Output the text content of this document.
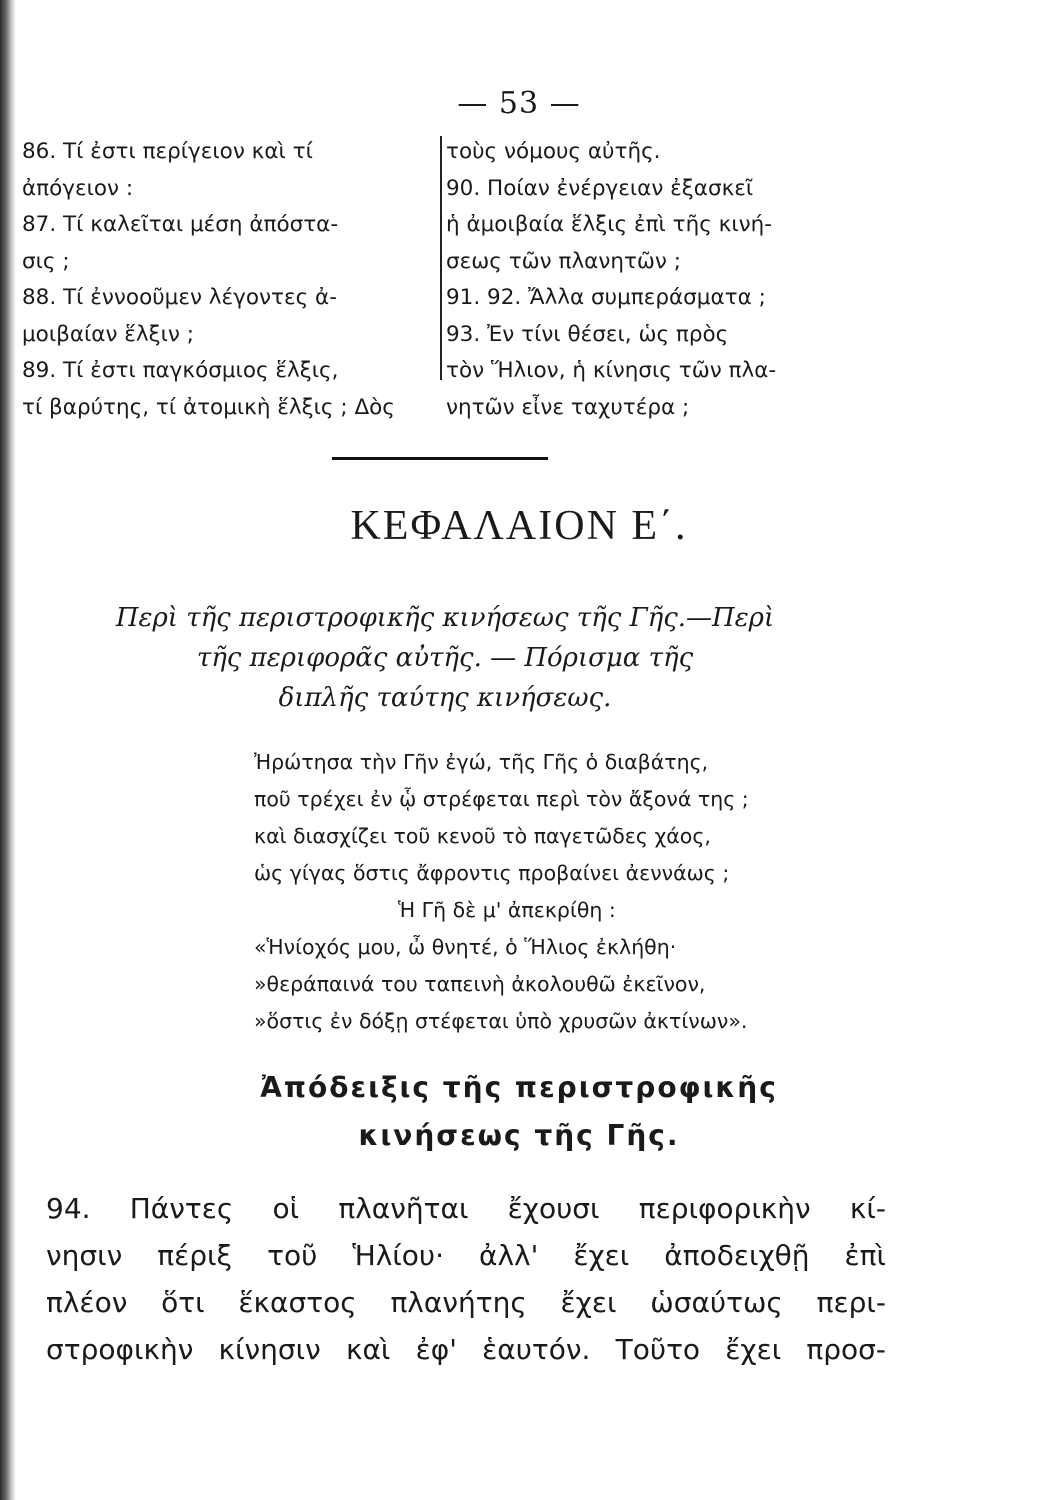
— 53 —
86. Τί ἐστι περίγειον καὶ τί
ἀπόγειον :
87. Τί καλεῖται μέση ἀπόστα-
σις ;
88. Τί ἐννοοῦμεν λέγοντες ἀ-
μοιβαίαν ἕλξιν ;
89. Τί ἐστι παγκόσμιος ἕλξις,
τί βαρύτης, τί ἀτομικὴ ἕλξις ; Δὸς
τοὺς νόμους αὐτῆς.
90. Ποίαν ἐνέργειαν ἐξασκεῖ
ἡ ἀμοιβαία ἕλξις ἐπὶ τῆς κινή-
σεως τῶν πλανητῶν ;
91. 92. Ἄλλα συμπεράσματα ;
93. Ἐν τίνι θέσει, ὡς πρὸς
τὸν Ἥλιον, ἡ κίνησις τῶν πλα-
νητῶν εἶνε ταχυτέρα ;
ΚΕΦΑΛΑΙΟΝ Ε΄.
Περὶ τῆς περιστροφικῆς κινήσεως τῆς Γῆς.—Περὶ
τῆς περιφορᾶς αὐτῆς. — Πόρισμα τῆς
διπλῆς ταύτης κινήσεως.
Ἠρώτησα τὴν Γῆν ἐγώ, τῆς Γῆς ὁ διαβάτης,
ποῦ τρέχει ἐν ᾧ στρέφεται περὶ τὸν ἄξονά της ;
καὶ διασχίζει τοῦ κενοῦ τὸ παγετῶδες χάος,
ὡς γίγας ὅστις ἄφροντις προβαίνει ἀεννάως ;
Ἡ Γῆ δὲ μ' ἀπεκρίθη :
«Ἡνίοχός μου, ὦ θνητέ, ὁ Ἥλιος ἐκλήθη·
»θεράπαινά του ταπεινὴ ἀκολουθῶ ἐκεῖνον,
»ὅστις ἐν δόξῃ στέφεται ὑπὸ χρυσῶν ἀκτίνων».
Ἀπόδειξις τῆς περιστροφικῆς
κινήσεως τῆς Γῆς.
94. Πάντες οἱ πλανῆται ἔχουσι περιφορικὴν κί-
νησιν πέριξ τοῦ Ἡλίου· ἀλλ' ἔχει ἀποδειχθῇ ἐπὶ
πλέον ὅτι ἕκαστος πλανήτης ἔχει ὡσαύτως περι-
στροφικὴν κίνησιν καὶ ἐφ' ἑαυτόν. Τοῦτο ἔχει προσ-
